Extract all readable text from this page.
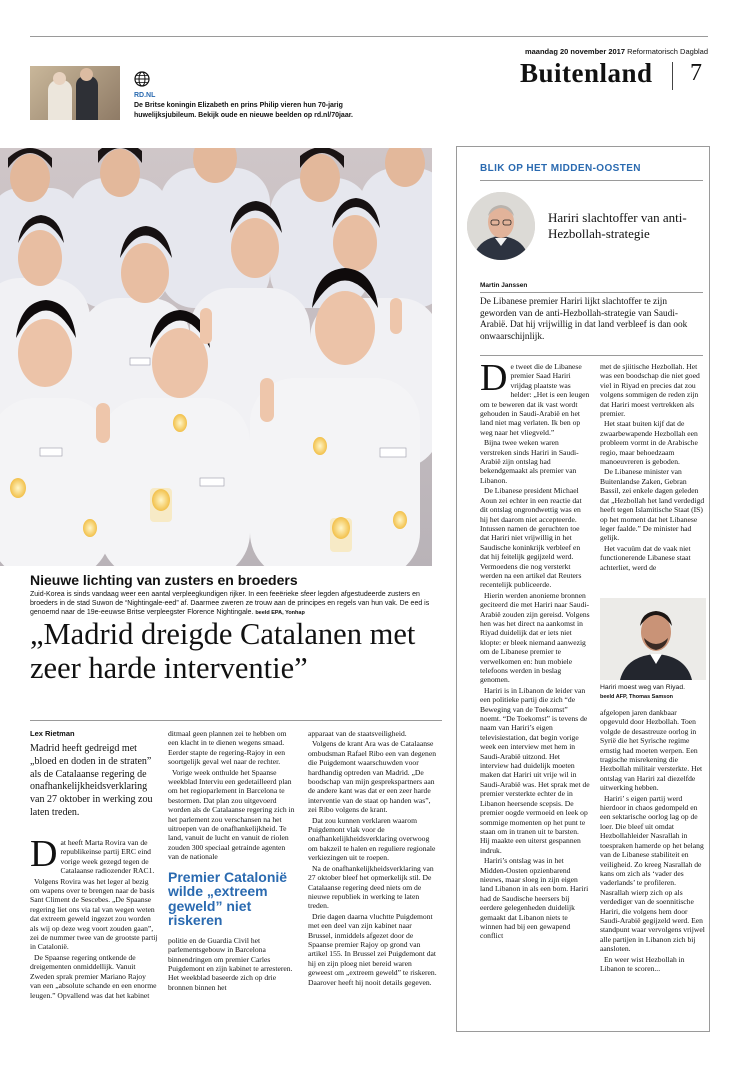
maandag 20 november 2017 Reformatorisch Dagblad
RD.NL
De Britse koningin Elizabeth en prins Philip vieren hun 70-jarig huwelijksjubileum. Bekijk oude en nieuwe beelden op rd.nl/70jaar.
Buitenland 7
Nieuwe lichting van zusters en broeders
Zuid-Korea is sinds vandaag weer een aantal verpleegkundigen rijker. In een feeërieke sfeer legden afgestudeerde zusters en broeders in de stad Suwon de “Nightingale-eed” af. Daarmee zweren ze trouw aan de principes en regels van hun vak. De eed is genoemd naar de 19e-eeuwse Britse verpleegster Florence Nightingale. beeld EPA, Yonhap
„Madrid dreigde Catalanen met zeer harde interventie”
Lex Rietman
Madrid heeft gedreigd met „bloed en doden in de straten” als de Catalaanse regering de onafhankelijkheidsverklaring van 27 oktober in werking zou laten treden.

Dat heeft Marta Rovira van de republikeinse partij ERC eind vorige week gezegd tegen de Catalaanse radiozender RAC1.

Volgens Rovira was het leger al bezig om wapens over te brengen naar de basis Sant Climent de Sescebes. „De Spaanse regering liet ons via tal van wegen weten dat extreem geweld ingezet zou worden als wij op deze weg voort zouden gaan”, zei de nummer twee van de grootste partij in Catalonië.

De Spaanse regering ontkende de dreigementen onmiddellijk. Vanuit Zweden sprak premier Mariano Rajoy van een „absolute schande en een enorme leugen.” Opvallend was dat het kabinet

ditmaal geen plannen zei te hebben om een klacht in te dienen wegens smaad. Eerder stapte de regering-Rajoy in een soortgelijk geval wel naar de rechter.

Vorige week onthulde het Spaanse weekblad Interviu een gedetailleerd plan om het regioparlement in Barcelona te bestormen. Dat plan zou uitgevoerd worden als de Catalaanse regering zich in het parlement zou verschansen na het uitroepen van de onafhankelijkheid. Te land, vanuit de lucht en vanuit de riolen zouden 300 speciaal getrainde agenten van de nationale

Premier Catalonië wilde „extreem geweld” niet riskeren

politie en de Guardia Civil het parlementsgebouw in Barcelona binnendringen om premier Carles Puigdemont en zijn kabinet te arresteren. Het weekblad baseerde zich op drie bronnen binnen het

apparaat van de staatsveiligheid.

Volgens de krant Ara was de Catalaanse ombudsman Rafael Ribo een van degenen die Puigdemont waarschuwden voor hardhandig optreden van Madrid. „De boodschap van mijn gesprekspartners aan de andere kant was dat er een zeer harde interventie van de staat op handen was”, zei Ribo volgens de krant.

Dat zou kunnen verklaren waarom Puigdemont vlak voor de onafhankelijkheidsverklaring overwoog om bakzeil te halen en reguliere regionale verkiezingen uit te roepen.

Na de onafhankelijkheidsverklaring van 27 oktober bleef het opmerkelijk stil. De Catalaanse regering deed niets om de nieuwe republiek in werking te laten treden.

Drie dagen daarna vluchtte Puigdemont met een deel van zijn kabinet naar Brussel, inmiddels afgezet door de Spaanse premier Rajoy op grond van artikel 155. In Brussel zei Puigdemont dat hij en zijn ploeg niet bereid waren geweest om „extreem geweld” te riskeren. Daarover heeft hij nooit details gegeven.

BLIK OP HET MIDDEN-OOSTEN
Hariri slachtoffer van anti-Hezbollah-strategie
Martin Janssen
De Libanese premier Hariri lijkt slachtoffer te zijn geworden van de anti-Hezbollah-strategie van Saudi-Arabië. Dat hij vrijwillig in dat land verbleef is dan ook onwaarschijnlijk.

De tweet die de Libanese premier Saad Hariri vrijdag plaatste was helder: „Het is een leugen om te beweren dat ik vast wordt gehouden in Saudi-Arabië en het land niet mag verlaten. Ik ben op weg naar het vliegveld.”

Bijna twee weken waren verstreken sinds Hariri in Saudi-Arabië zijn ontslag had bekendgemaakt als premier van Libanon.

De Libanese president Michael Aoun zei echter in een reactie dat dit ontslag ongrondwettig was en hij het daarom niet accepteerde. Intussen namen de geruchten toe dat Hariri niet vrijwillig in het Saudische koninkrijk verbleef en dat hij feitelijk gegijzeld werd. Vermoedens die nog versterkt werden na een artikel dat Reuters recentelijk publiceerde.

Hierin werden anonieme bronnen geciteerd die met Hariri naar Saudi-Arabië zouden zijn gereisd. Volgens hen was het direct na aankomst in Riyad duidelijk dat er iets niet klopte: er bleek niemand aanwezig om de Libanese premier te verwelkomen en: hun mobiele telefoons werden in beslag genomen.

Hariri is in Libanon de leider van een politieke partij die zich “de Beweging van de Toekomst” noemt. “De Toekomst” is tevens de naam van Hariri’s eigen televisiestation, dat begin vorige week een interview met hem in Saudi-Arabië uitzond. Het interview had duidelijk moeten maken dat Hariri uit vrije wil in Saudi-Arabië was. Het sprak met de premier versterkte echter de in Libanon heersende scepsis. De premier oogde vermoeid en leek op sommige momenten op het punt te staan om in tranen uit te barsten. Hij maakte een uiterst gespannen indruk.

Hariri’s ontslag was in het Midden-Oosten opzienbarend nieuws, maar sloeg in zijn eigen land Libanon in als een bom. Hariri had de Saudische heersers bij eerdere gelegenheden duidelijk gemaakt dat Libanon niets te winnen had bij een gewapend conflict

met de sjiitische Hezbollah. Het was een boodschap die niet goed viel in Riyad en precies dat zou volgens sommigen de reden zijn dat Hariri moest vertrekken als premier.

Het staat buiten kijf dat de zwaarbewapende Hezbollah een probleem vormt in de Arabische regio, maar behoedzaam manoeuvreren is geboden.

De Libanese minister van Buitenlandse Zaken, Gebran Bassil, zei enkele dagen geleden dat „Hezbollah het land verdedigd heeft tegen Islamitische Staat (IS) op het moment dat het Libanese leger faalde.” De minister had gelijk.

Het vacuüm dat de vaak niet functionerende Libanese staat achterliet, werd de

Hariri moest weg van Riyad.
beeld AFP, Thomas Samson

afgelopen jaren dankbaar opgevuld door Hezbollah. Toen volgde de desastreuze oorlog in Syrië die het Syrische regime ernstig had moeten werpen. Een tragische misrekening die Hezbollah militair versterkte. Het ontslag van Hariri zal diezelfde uitwerking hebben.

Hariri’ s eigen partij werd hierdoor in chaos gedompeld en een sektarische oorlog lag op de loer. Die bleef uit omdat Hezbollahleider Nasrallah in toespraken hamerde op het belang van de Libanese stabiliteit en veiligheid. Zo kreeg Nasrallah de kans om zich als ‘vader des vaderlands’ te profileren. Nasrallah wierp zich op als verdediger van de soennitische Hariri, die volgens hem door Saudi-Arabië gegijzeld werd. Een standpunt waar vervolgens vrijwel alle partijen in Libanon zich bij aansloten.

En weer wist Hezbollah in Libanon te scoren...
